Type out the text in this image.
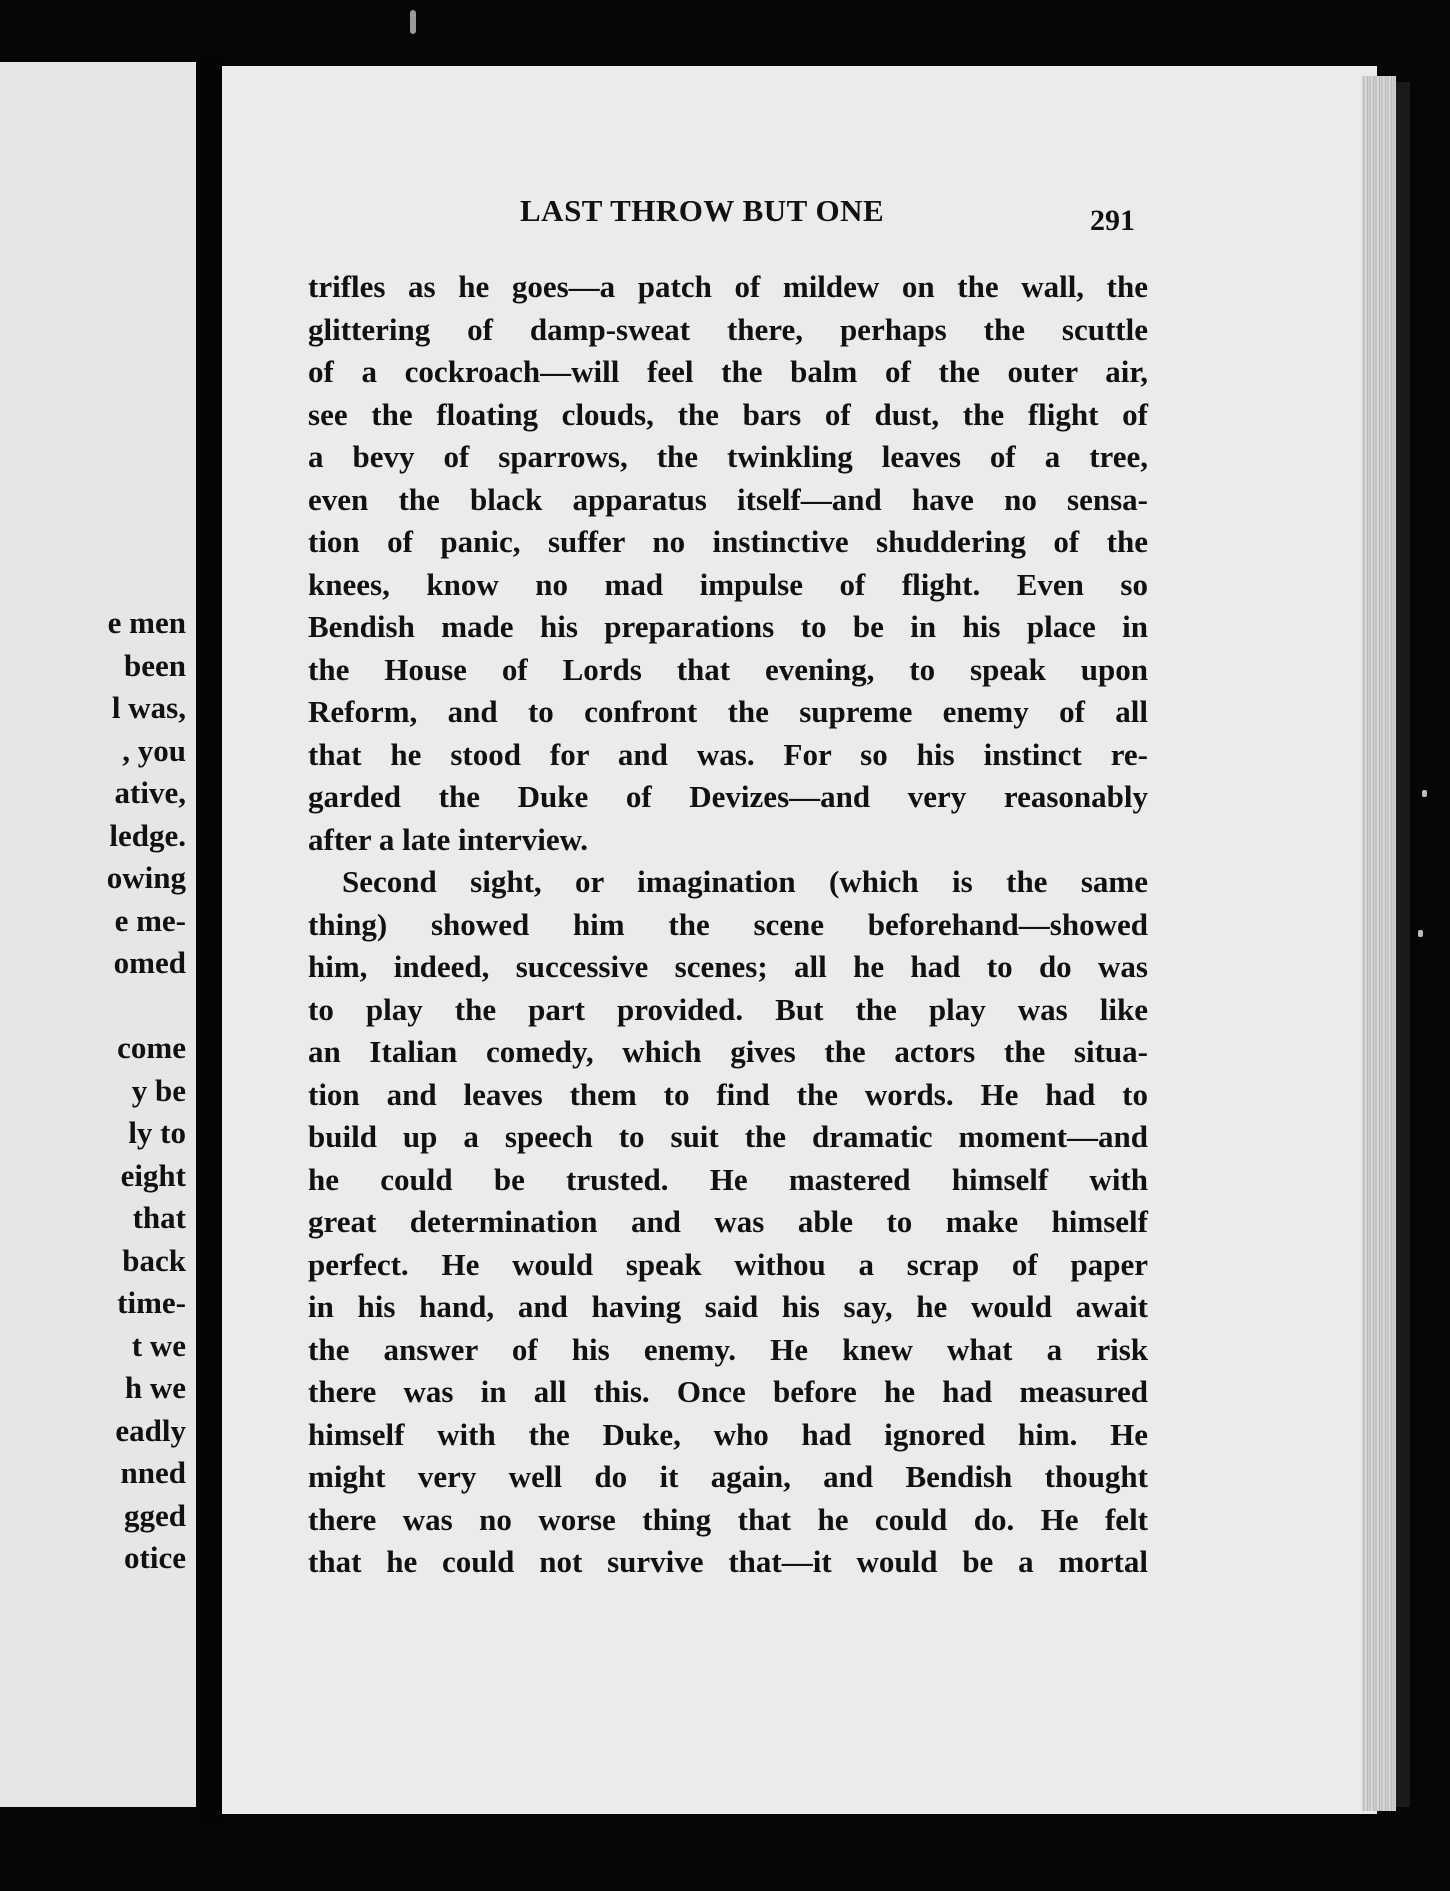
e men
been
l was,
, you
ative,
ledge.
owing
e me-
omed
come
y be
ly to
eight
that
back
time-
t we
h we
eadly
nned
gged
otice
LAST THROW BUT ONE	291
trifles as he goes—a patch of mildew on the wall, the
glittering of damp-sweat there, perhaps the scuttle
of a cockroach—will feel the balm of the outer air,
see the floating clouds, the bars of dust, the flight of
a bevy of sparrows, the twinkling leaves of a tree,
even the black apparatus itself—and have no sensa-
tion of panic, suffer no instinctive shuddering of the
knees, know no mad impulse of flight. Even so
Bendish made his preparations to be in his place in
the House of Lords that evening, to speak upon
Reform, and to confront the supreme enemy of all
that he stood for and was. For so his instinct re-
garded the Duke of Devizes—and very reasonably
after a late interview.
Second sight, or imagination (which is the same
thing) showed him the scene beforehand—showed
him, indeed, successive scenes; all he had to do was
to play the part provided. But the play was like
an Italian comedy, which gives the actors the situa-
tion and leaves them to find the words. He had to
build up a speech to suit the dramatic moment—and
he could be trusted. He mastered himself with
great determination and was able to make himself
perfect. He would speak withou a scrap of paper
in his hand, and having said his say, he would await
the answer of his enemy. He knew what a risk
there was in all this. Once before he had measured
himself with the Duke, who had ignored him. He
might very well do it again, and Bendish thought
there was no worse thing that he could do. He felt
that he could not survive that—it would be a mortal
